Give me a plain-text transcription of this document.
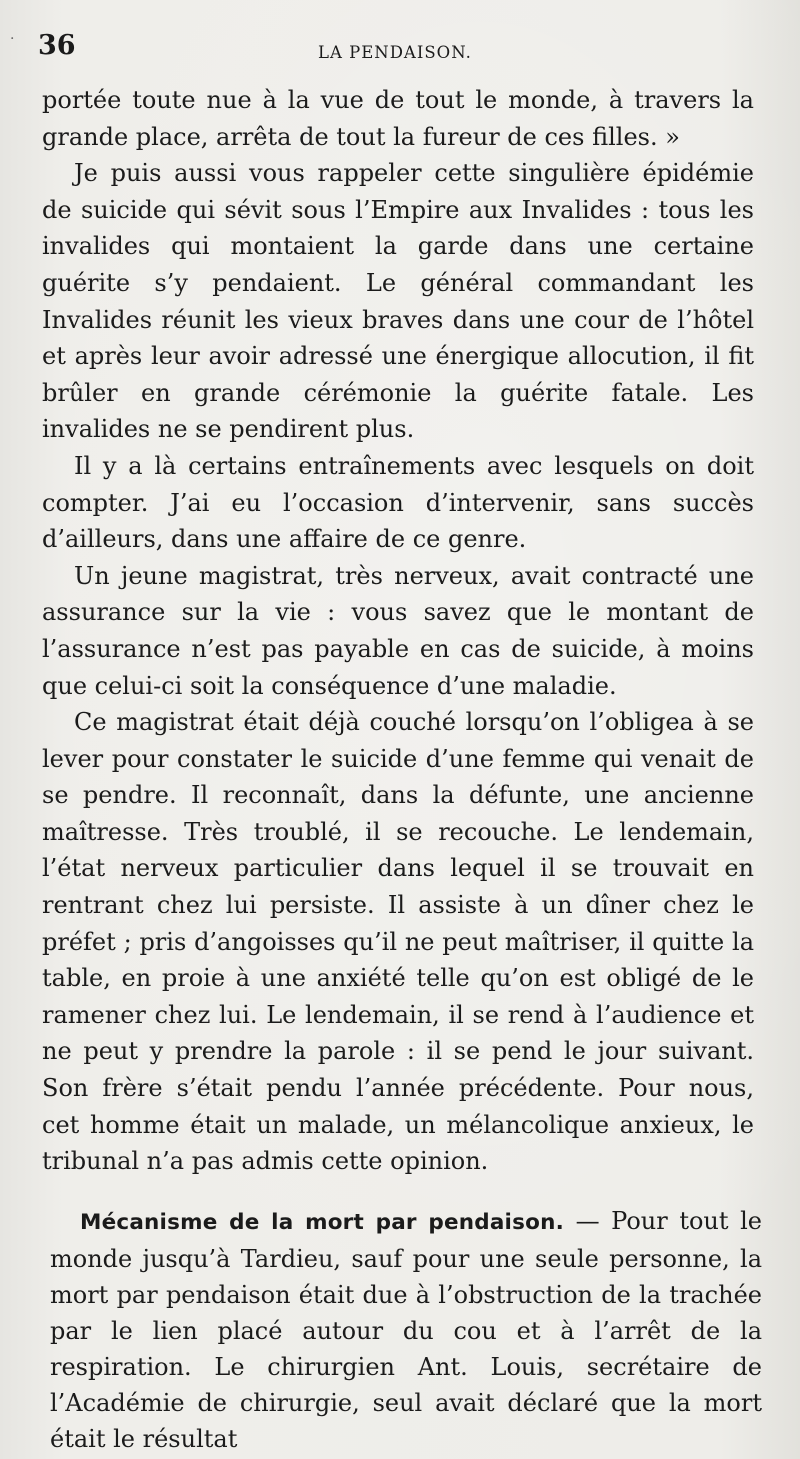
· 36	LA PENDAISON.

portée toute nue à la vue de tout le monde, à travers la grande place, arrêta de tout la fureur de ces filles. »

Je puis aussi vous rappeler cette singulière épidémie de suicide qui sévit sous l’Empire aux Invalides : tous les invalides qui montaient la garde dans une certaine guérite s’y pendaient. Le général commandant les Invalides réunit les vieux braves dans une cour de l’hôtel et après leur avoir adressé une énergique allocution, il fit brûler en grande cérémonie la guérite fatale. Les invalides ne se pendirent plus.

Il y a là certains entraînements avec lesquels on doit compter. J’ai eu l’occasion d’intervenir, sans succès d’ailleurs, dans une affaire de ce genre.

Un jeune magistrat, très nerveux, avait contracté une assurance sur la vie : vous savez que le montant de l’assurance n’est pas payable en cas de suicide, à moins que celui-ci soit la conséquence d’une maladie.

Ce magistrat était déjà couché lorsqu’on l’obligea à se lever pour constater le suicide d’une femme qui venait de se pendre. Il reconnaît, dans la défunte, une ancienne maîtresse. Très troublé, il se recouche. Le lendemain, l’état nerveux particulier dans lequel il se trouvait en rentrant chez lui persiste. Il assiste à un dîner chez le préfet ; pris d’angoisses qu’il ne peut maîtriser, il quitte la table, en proie à une anxiété telle qu’on est obligé de le ramener chez lui. Le lendemain, il se rend à l’audience et ne peut y prendre la parole : il se pend le jour suivant. Son frère s’était pendu l’année précédente. Pour nous, cet homme était un malade, un mélancolique anxieux, le tribunal n’a pas admis cette opinion.

Mécanisme de la mort par pendaison. — Pour tout le monde jusqu’à Tardieu, sauf pour une seule personne, la mort par pendaison était due à l’obstruction de la trachée par le lien placé autour du cou et à l’arrêt de la respiration. Le chirurgien Ant. Louis, secrétaire de l’Académie de chirurgie, seul avait déclaré que la mort était le résultat
